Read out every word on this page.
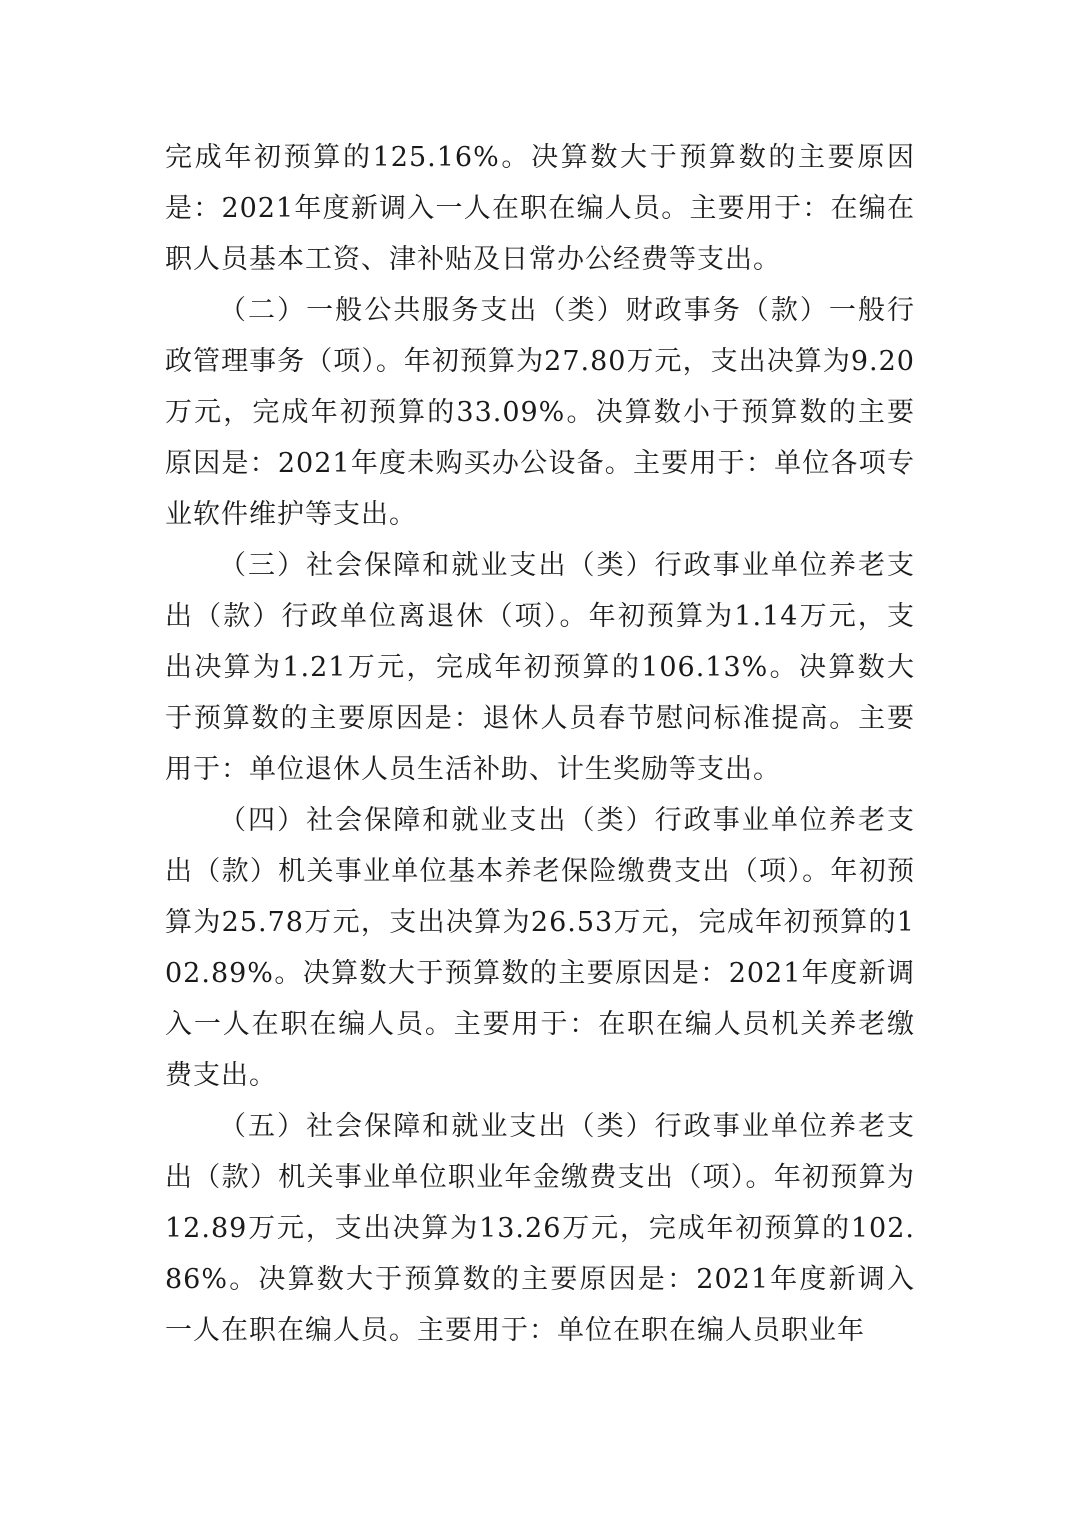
完成年初预算的125.16%。决算数大于预算数的主要原因是：2021年度新调入一人在职在编人员。主要用于：在编在职人员基本工资、津补贴及日常办公经费等支出。

（二）一般公共服务支出（类）财政事务（款）一般行政管理事务（项）。年初预算为27.80万元，支出决算为9.20万元，完成年初预算的33.09%。决算数小于预算数的主要原因是：2021年度未购买办公设备。主要用于：单位各项专业软件维护等支出。

（三）社会保障和就业支出（类）行政事业单位养老支出（款）行政单位离退休（项）。年初预算为1.14万元，支出决算为1.21万元，完成年初预算的106.13%。决算数大于预算数的主要原因是：退休人员春节慰问标准提高。主要用于：单位退休人员生活补助、计生奖励等支出。

（四）社会保障和就业支出（类）行政事业单位养老支出（款）机关事业单位基本养老保险缴费支出（项）。年初预算为25.78万元，支出决算为26.53万元，完成年初预算的102.89%。决算数大于预算数的主要原因是：2021年度新调入一人在职在编人员。主要用于：在职在编人员机关养老缴费支出。

（五）社会保障和就业支出（类）行政事业单位养老支出（款）机关事业单位职业年金缴费支出（项）。年初预算为12.89万元，支出决算为13.26万元，完成年初预算的102.86%。决算数大于预算数的主要原因是：2021年度新调入一人在职在编人员。主要用于：单位在职在编人员职业年
